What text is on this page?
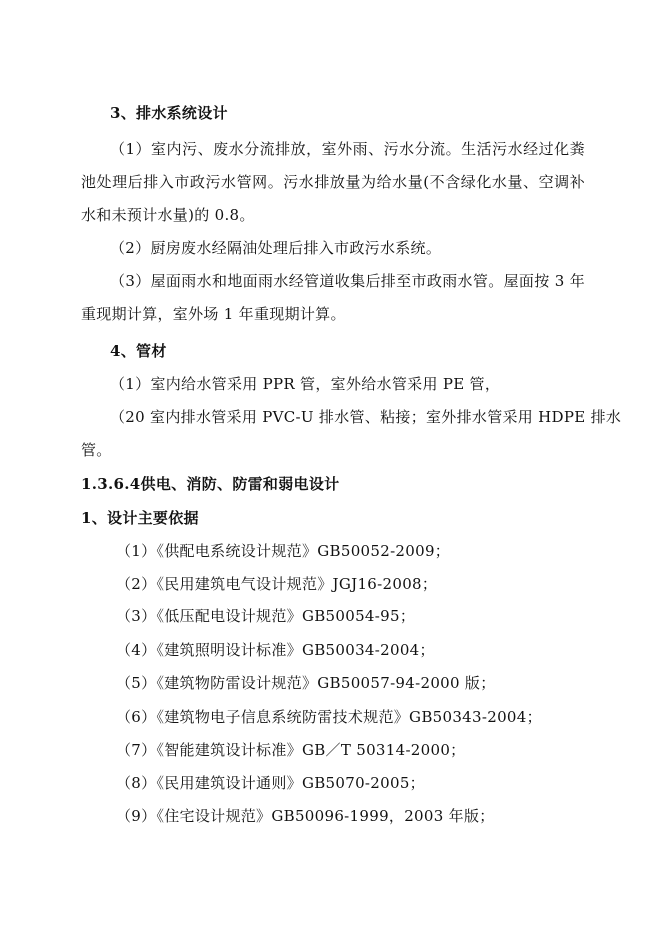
3、排水系统设计
（1）室内污、废水分流排放，室外雨、污水分流。生活污水经过化粪
池处理后排入市政污水管网。污水排放量为给水量(不含绿化水量、空调补
水和未预计水量)的 0.8。
（2）厨房废水经隔油处理后排入市政污水系统。
（3）屋面雨水和地面雨水经管道收集后排至市政雨水管。屋面按 3 年
重现期计算，室外场 1 年重现期计算。
4、管材
（1）室内给水管采用 PPR 管，室外给水管采用 PE 管，
（20 室内排水管采用 PVC-U 排水管、粘接；室外排水管采用 HDPE 排水
管。
1.3.6.4供电、消防、防雷和弱电设计
1、设计主要依据
（1）《供配电系统设计规范》GB50052-2009；
（2）《民用建筑电气设计规范》JGJ16-2008；
（3）《低压配电设计规范》GB50054-95；
（4）《建筑照明设计标准》GB50034-2004；
（5）《建筑物防雷设计规范》GB50057-94-2000 版；
（6）《建筑物电子信息系统防雷技术规范》GB50343-2004；
（7）《智能建筑设计标准》GB／T 50314-2000；
（8）《民用建筑设计通则》GB5070-2005；
（9）《住宅设计规范》GB50096-1999，2003 年版；
